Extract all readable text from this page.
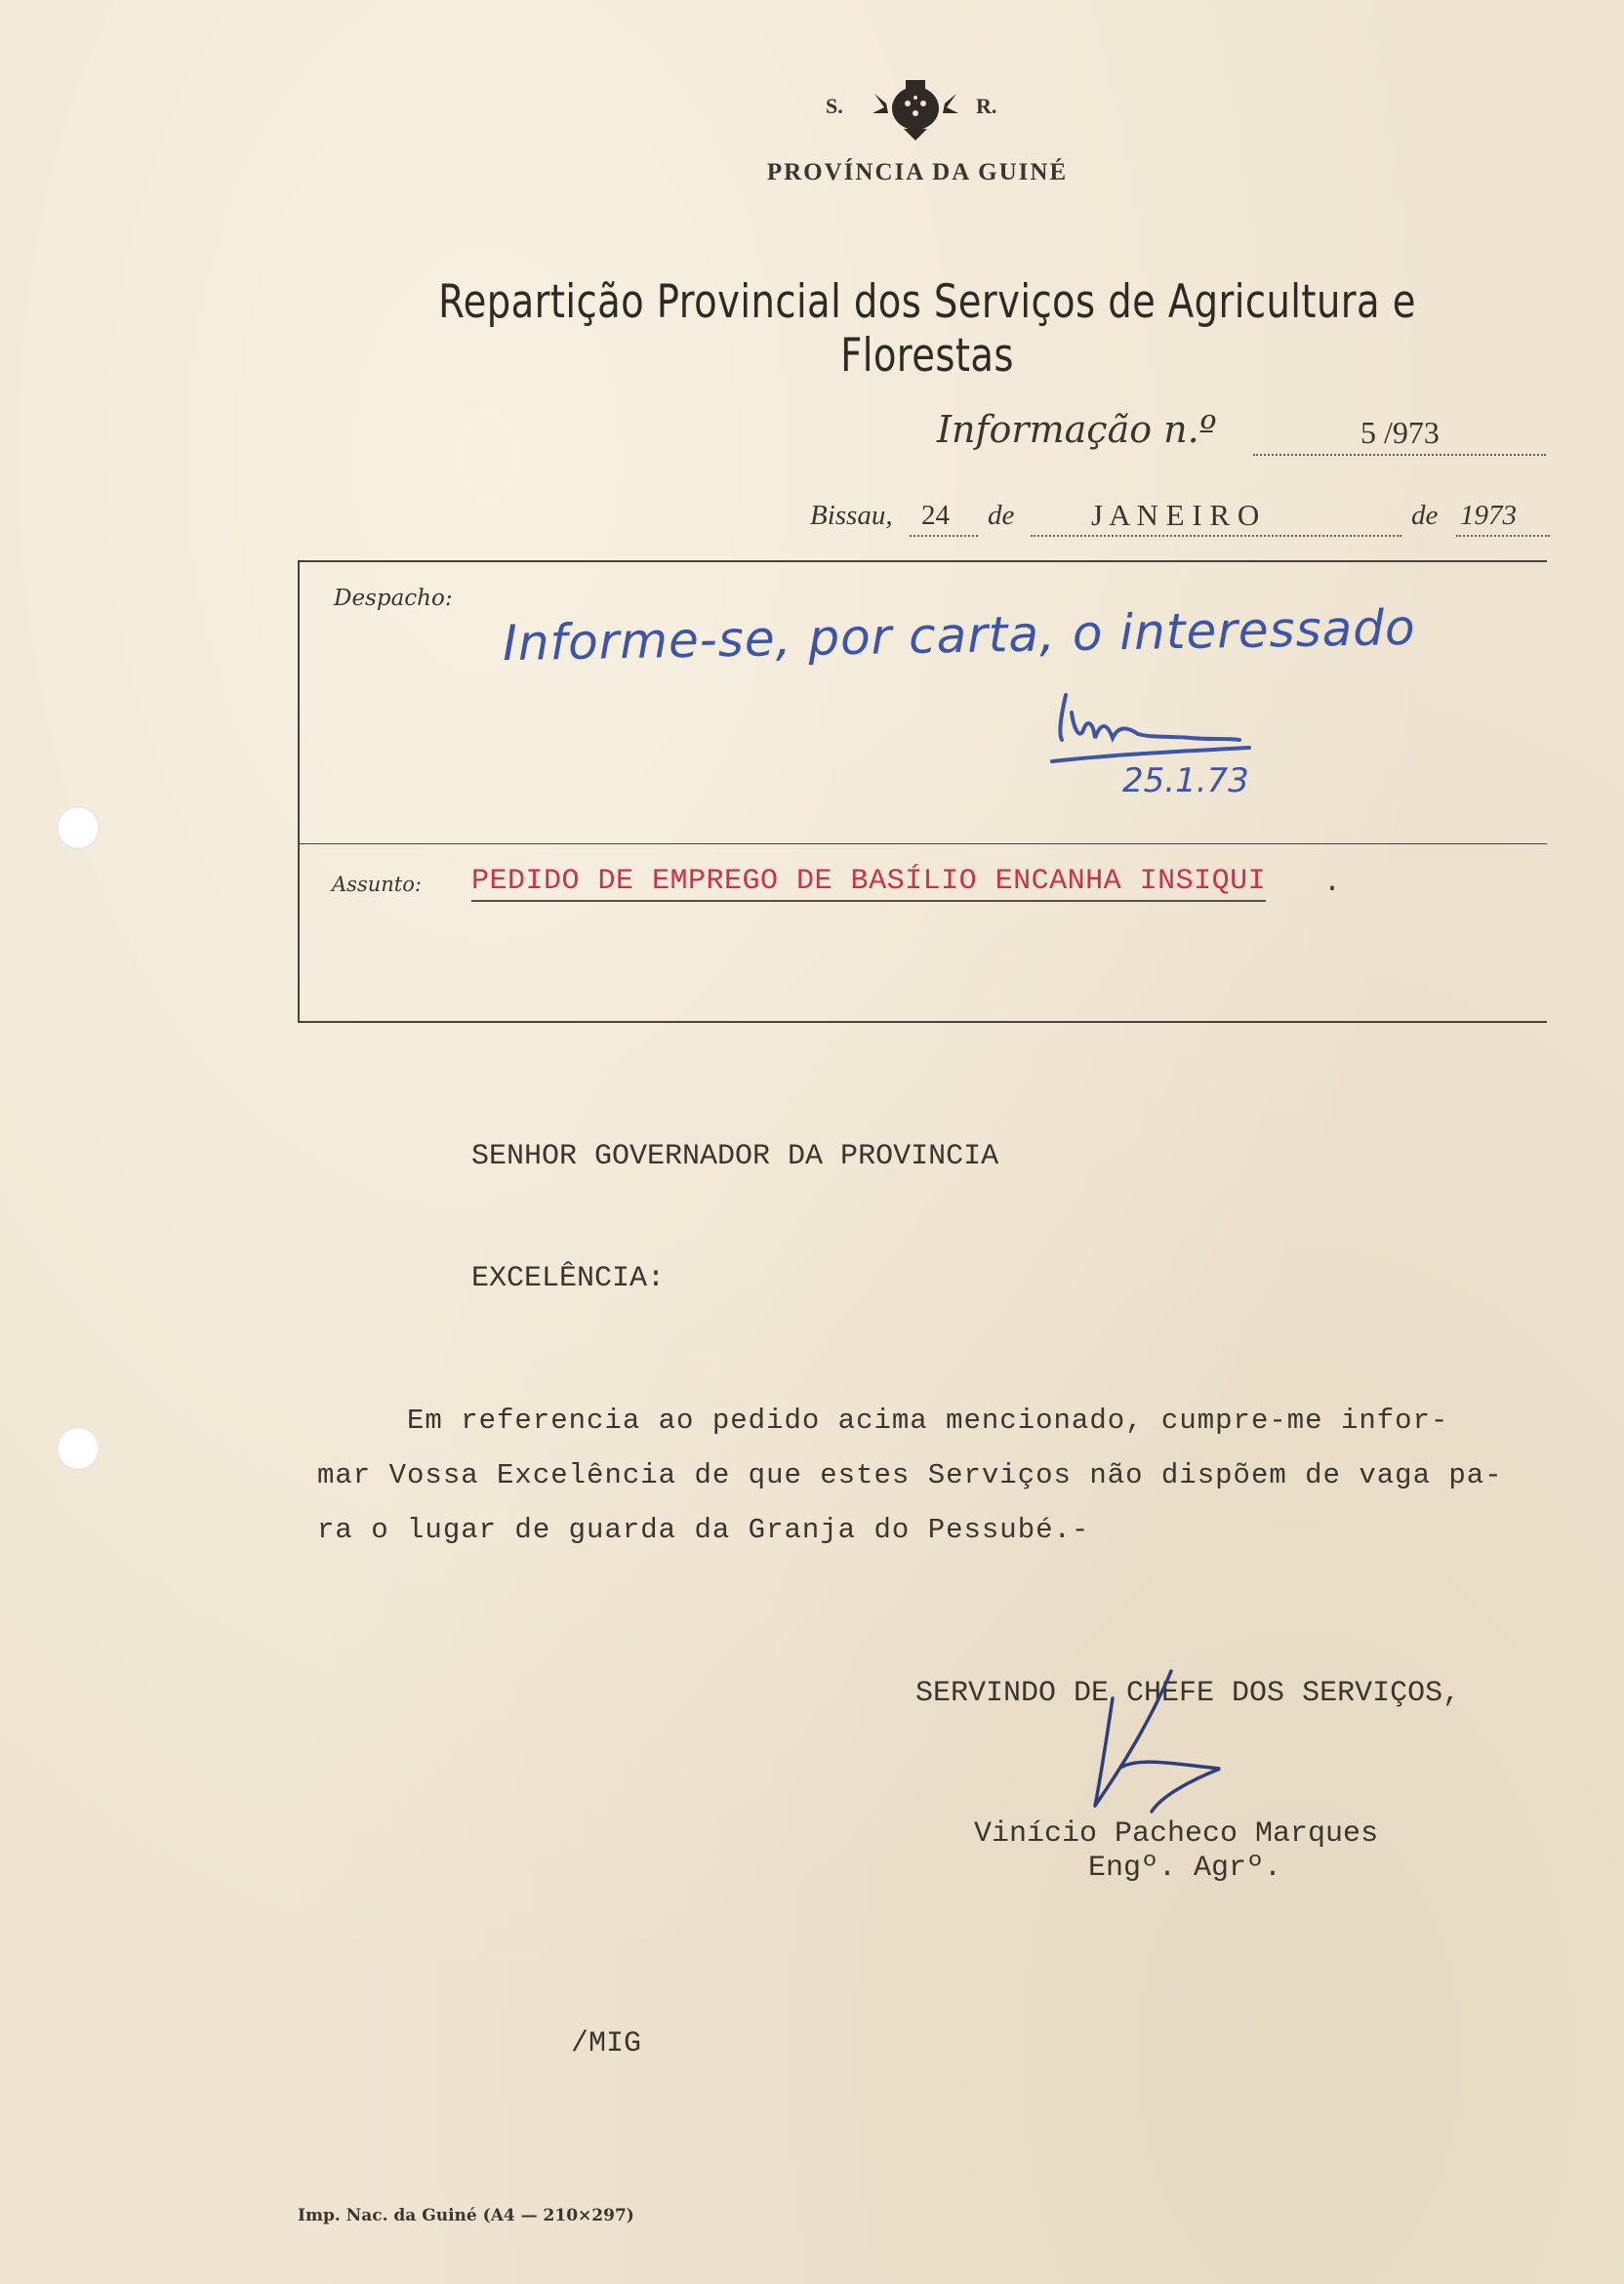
S.	R.
PROVÍNCIA DA GUINÉ
Repartição Provincial dos Serviços de Agricultura e Florestas
Informação n.º	5 /973
Bissau, 24 de	J A N E I R O	de 1973
Despacho:
Informe-se, por carta, o interessado
25.1.73
Assunto: PEDIDO DE EMPREGO DE BASÍLIO ENCANHA INSIQUI .
SENHOR GOVERNADOR DA PROVINCIA
EXCELÊNCIA:
Em referencia ao pedido acima mencionado, cumpre-me infor-
mar Vossa Excelência de que estes Serviços não dispõem de vaga pa-
ra o lugar de guarda da Granja do Pessubé.-
SERVINDO DE CHEFE DOS SERVIÇOS,
Vinício Pacheco Marques
Engº. Agrº.
/MIG
Imp. Nac. da Guiné (A4 — 210×297)
